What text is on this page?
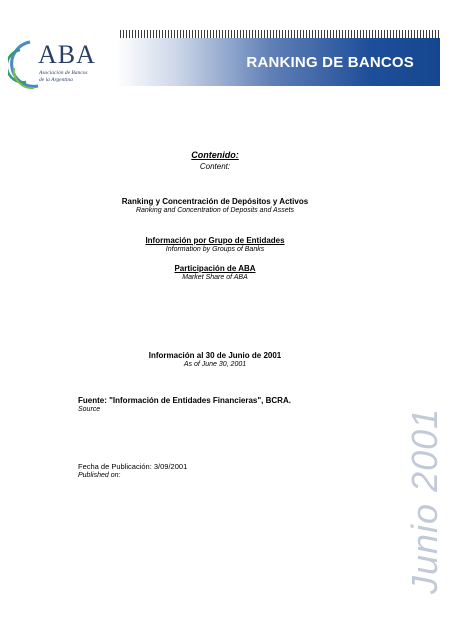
ABA
Asociación de Bancos
de la Argentina
RANKING DE BANCOS
Contenido:
Content:
Ranking y Concentración de Depósitos y Activos
Ranking and Concentration of Deposits and Assets
Información por Grupo de Entidades
Information by Groups of Banks
Participación de ABA
Market Share of ABA
Información al 30 de Junio de 2001
As of June 30, 2001
Fuente: "Información de Entidades Financieras", BCRA.
Source
Fecha de Publicación: 3/09/2001
Published on:	Junio 2001
